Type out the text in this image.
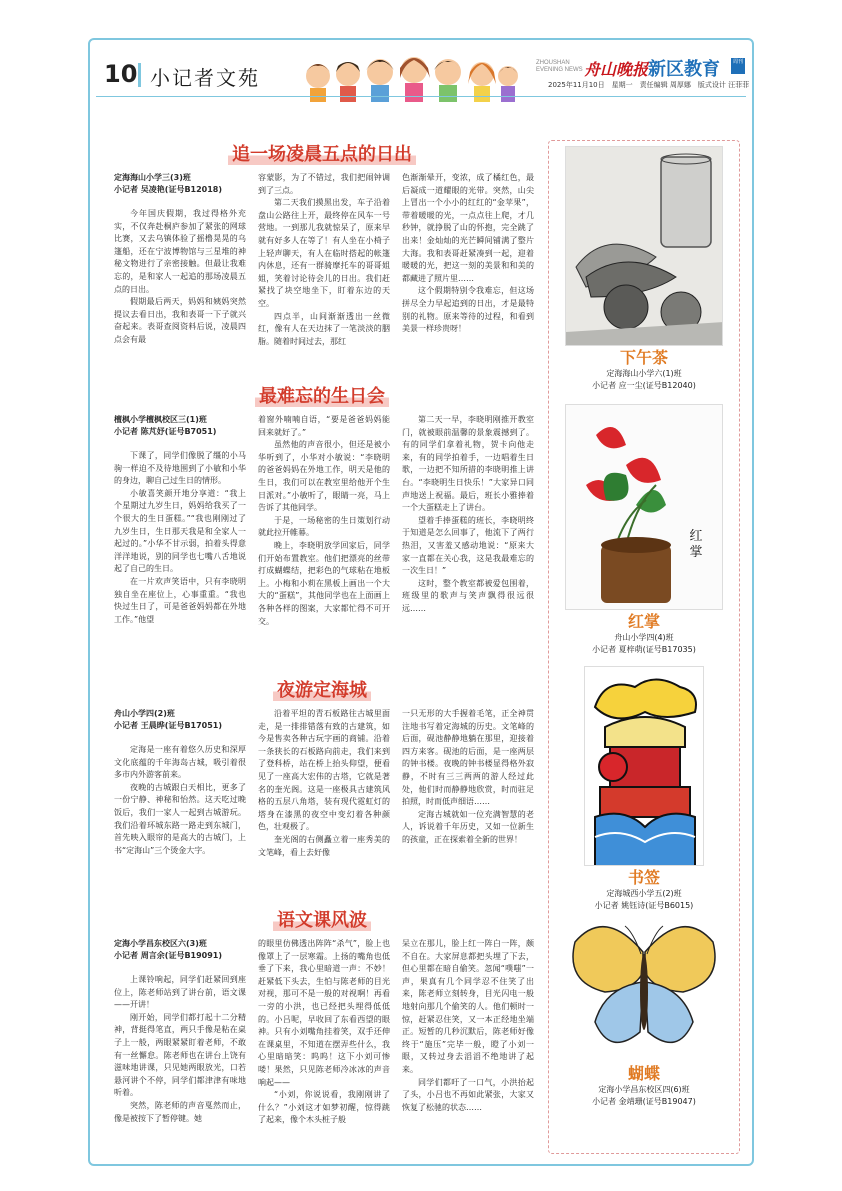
10 小记者文苑
ZHOUSHAN EVENING NEWS 舟山晚报 新区教育	周刊
2025年11月10日　星期一　责任编辑 周厚娜　版式设计 汪菲菲
追一场凌晨五点的日出
定海海山小学三(3)班
小记者 吴凌艳(证号B12018)

今年国庆假期，我过得格外充实，不仅奔赴桐庐参加了紧张的网球比赛，又去乌镇体验了摇橹晃晃的乌篷船，还在宁波博物馆与三星堆的神秘文物进行了亲密接触。但最让我难忘的，是和家人一起追的那场凌晨五点的日出。

假期最后两天，妈妈和姨妈突然提议去看日出，我和表哥一下子就兴奋起来。表哥查阅资料后说，凌晨四点会有最

容蒙影，为了不错过，我们把闹钟调到了三点。

第二天我们摸黑出发，车子沿着盘山公路往上开，最终停在风车一号营地。一到那儿我就惊呆了，原来早就有好多人在等了！有人坐在小椅子上轻声聊天，有人在临时搭起的帐篷内休息，还有一群骑摩托车的哥哥姐姐，笑着讨论待会儿的日出。我们赶紧找了块空地坐下，盯着东边的天空。

四点半，山间渐渐透出一丝微红，像有人在天边抹了一笔淡淡的胭脂。随着时间过去，那红

色渐渐晕开，变浓，成了橘红色，最后凝成一道耀眼的光带。突然，山尖上冒出一个小小的红红的“金苹果”，带着暖暖的光，一点点往上爬，才几秒钟，就挣脱了山的怀抱，完全跳了出来！金灿灿的光芒瞬间铺满了整片大海。我和表哥赶紧凑到一起，迎着暖暖的光，把这一刻的美景和和美的都藏进了照片里……

这个假期特别令我难忘，但这场拼尽全力早起追到的日出，才是最特别的礼物。原来等待的过程，和看到美景一样珍贵呀！

最难忘的生日会
檀枫小学檀枫校区三(1)班
小记者 陈芃妤(证号B7051)

下课了，同学们像脱了缰的小马驹一样迫不及待地围到了小敏和小华的身边，聊自己过生日的情形。

小敏喜笑颜开地分享道：“我上个星期过九岁生日，妈妈给我买了一个很大的生日蛋糕。”“我也刚刚过了九岁生日，生日那天我是和全家人一起过的。”小华不甘示弱，拍着头得意洋洋地说，别的同学也七嘴八舌地说起了自己的生日。

在一片欢声笑语中，只有李晓明独自坐在座位上，心事重重。“我也快过生日了，可是爸爸妈妈都在外地工作。”他望

着窗外喃喃自语，“要是爸爸妈妈能回来就好了。”

虽然他的声音很小，但还是被小华听到了，小华对小敏说：“李晓明的爸爸妈妈在外地工作，明天是他的生日，我们可以在教室里给他开个生日派对。”小敏听了，眼睛一亮，马上告诉了其他同学。

于是，一场秘密的生日策划行动就此拉开帷幕。

晚上，李晓明放学回家后，同学们开始布置教室。他们把漂亮的丝带打成蝴蝶结，把彩色的气球粘在地板上。小梅和小莉在黑板上画出一个大大的“蛋糕”，其他同学也在上面画上各种各样的图案，大家都忙得不可开交。

第二天一早，李晓明刚推开教室门，就被眼前温馨的景象震撼到了。有的同学们拿着礼物，贺卡向他走来，有的同学拍着手，一边唱着生日歌，一边把不知所措的李晓明推上讲台。“李晓明生日快乐！”大家异口同声地送上祝福。最后，班长小雅捧着一个大蛋糕走上了讲台。

望着手捧蛋糕的班长，李晓明终于知道是怎么回事了，他流下了两行热泪，又害羞又感动地说：“原来大家一直都在关心我，这是我最难忘的一次生日！”

这时，整个教室都被爱包围着，班级里的歌声与笑声飘得很远很远……

夜游定海城
舟山小学四(2)班
小记者 王晨晔(证号B17051)

定海是一座有着悠久历史和深厚文化底蕴的千年海岛古城，吸引着很多市内外游客前来。

夜晚的古城跟白天相比，更多了一份宁静、神秘和怡然。这天吃过晚饭后，我们一家人一起到古城游玩。我们沿着环城东路一路走到东城门，首先映入眼帘的是高大的古城门，上书“定海山”三个烫金大字。

沿着平坦的青石板路往古城里面走，是一排排错落有致的古建筑，如今是售卖各种古玩字画的商铺。沿着一条狭长的石板路向前走，我们来到了登科桥，站在桥上抬头仰望，便看见了一座高大宏伟的古塔，它就是著名的奎光阁。这是一座极具古建筑风格的五层八角塔，装有现代霓虹灯的塔身在漆黑的夜空中变幻着各种颜色，壮观极了。

奎光阁的右侧矗立着一座秀美的文笔峰，看上去好像

一只无形的大手握着毛笔，正全神贯注地书写着定海城的历史。文笔峰的后面，砚池静静地躺在那里，迎接着四方来客。砚池的后面，是一座两层的钟书楼。夜晚的钟书楼显得格外寂静，不时有三三两两的游人经过此处，他们时而静静地欣赏，时而驻足拍照，时而低声细语……

定海古城就如一位充满智慧的老人，诉说着千年历史，又如一位新生的孩童，正在探索着全新的世界！

语文课风波
定海小学昌东校区六(3)班
小记者 周言余(证号B19091)

上课铃响起，同学们赶紧回到座位上，陈老师站到了讲台前，语文课——开讲！

刚开始，同学们都打起十二分精神，背挺得笔直，两只手像是粘在桌子上一般，两眼紧紧盯着老师，不敢有一丝懈怠。陈老师也在讲台上饶有滋味地讲课，只见她两眼放光，口若悬河讲个不停，同学们都津津有味地听着。

突然，陈老师的声音戛然而止，像是被按下了暂停键。她

的眼里仿佛透出阵阵“杀气”，脸上也像罩上了一层寒霜。上扬的嘴角也低垂了下来，我心里暗道一声：不妙！赶紧低下头去，生怕与陈老师的目光对视，那可不是一般的对视啊！再看一旁的小洪，也已经把头埋得低低的。小吕呢，早收回了东看西望的眼神。只有小刘嘴角挂着笑，双手还伸在课桌里，不知道在摆弄些什么，我心里暗暗笑：呜呜！这下小刘可惨喽！果然，只见陈老师冷冰冰的声音响起——

“小刘，你说说看，我刚刚讲了什么？”小刘这才如梦初醒，惊得跳了起来，像个木头桩子般

呆立在那儿，脸上红一阵白一阵，颇不自在。大家屏息都把头埋了下去，但心里都在暗自偷笑。忽闻“噗嗤”一声，果真有几个同学忍不住笑了出来，陈老师立刻转身，目光闪电一般地射向那几个偷笑的人。他们顿时一惊，赶紧忍住笑，又一本正经地坐端正。短暂的几秒沉默后，陈老师好像终于“施压”完毕一般，瞪了小刘一眼，又转过身去滔滔不绝地讲了起来。

同学们都吁了一口气，小洪抬起了头，小吕也不再如此紧张，大家又恢复了松驰的状态……

下午茶
定海海山小学六(1)班
小记者 应一尘(证号B12040)
红掌
红掌
舟山小学四(4)班
小记者 夏梓萌(证号B17035)
书签
定海城西小学五(2)班
小记者 姚钰诗(证号B6015)
蝴蝶
定海小学昌东校区四(6)班
小记者 金靖珊(证号B19047)
